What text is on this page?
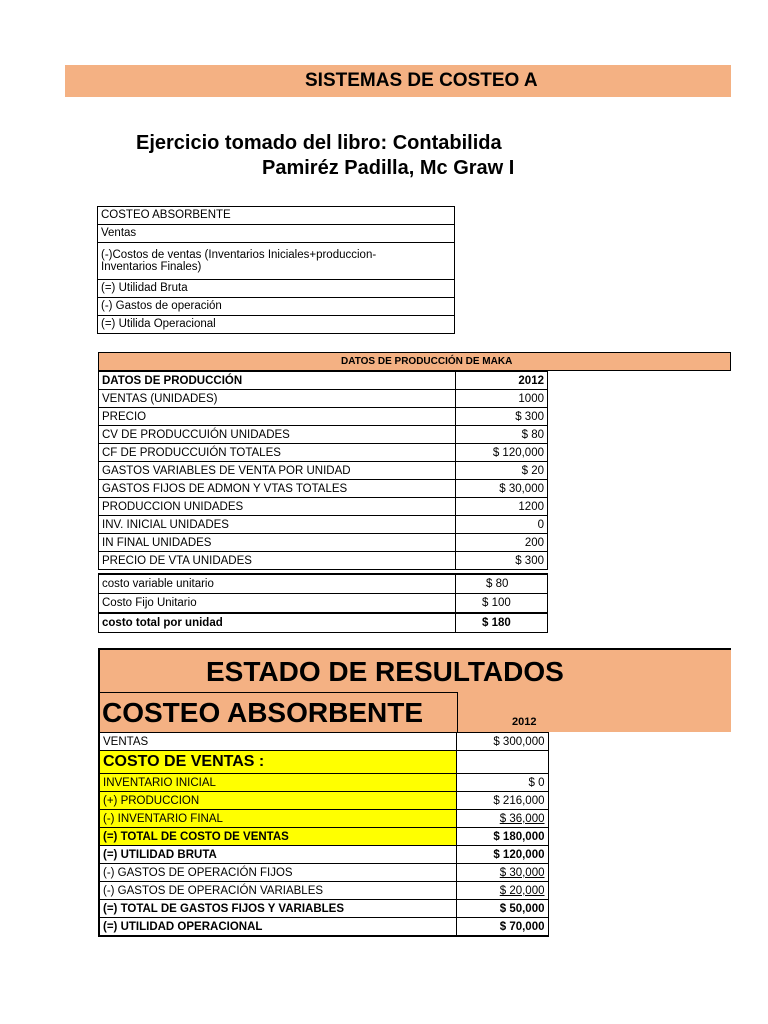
SISTEMAS DE COSTEO A
Ejercicio tomado del libro: Contabilida
Pamiréz Padilla, Mc Graw I
COSTEO ABSORBENTE
Ventas
(-)Costos de ventas (Inventarios Iniciales+produccion-
Inventarios Finales)
(=) Utilidad Bruta
(-) Gastos de operación
(=) Utilida Operacional
DATOS DE PRODUCCIÓN DE MAKA
DATOS DE PRODUCCIÓN	2012
VENTAS (UNIDADES)	1000
PRECIO	$ 300
CV DE PRODUCCUIÓN UNIDADES	$ 80
CF DE PRODUCCUIÓN TOTALES	$ 120,000
GASTOS VARIABLES DE VENTA POR UNIDAD	$ 20
GASTOS FIJOS DE ADMON Y VTAS TOTALES	$ 30,000
PRODUCCION UNIDADES	1200
INV. INICIAL UNIDADES	0
IN FINAL UNIDADES	200
PRECIO DE VTA UNIDADES	$ 300
costo variable unitario	$ 80
Costo Fijo Unitario	$ 100
costo total por unidad	$ 180
ESTADO DE RESULTADOS
COSTEO ABSORBENTE	2012
VENTAS	$ 300,000
COSTO DE VENTAS :	
INVENTARIO INICIAL	$ 0
(+) PRODUCCION	$ 216,000
(-) INVENTARIO FINAL	$ 36,000
(=) TOTAL DE COSTO DE VENTAS	$ 180,000
(=) UTILIDAD BRUTA	$ 120,000
(-) GASTOS DE OPERACIÓN FIJOS	$ 30,000
(-) GASTOS DE OPERACIÓN VARIABLES	$ 20,000
(=) TOTAL DE GASTOS FIJOS Y VARIABLES	$ 50,000
(=) UTILIDAD OPERACIONAL	$ 70,000
